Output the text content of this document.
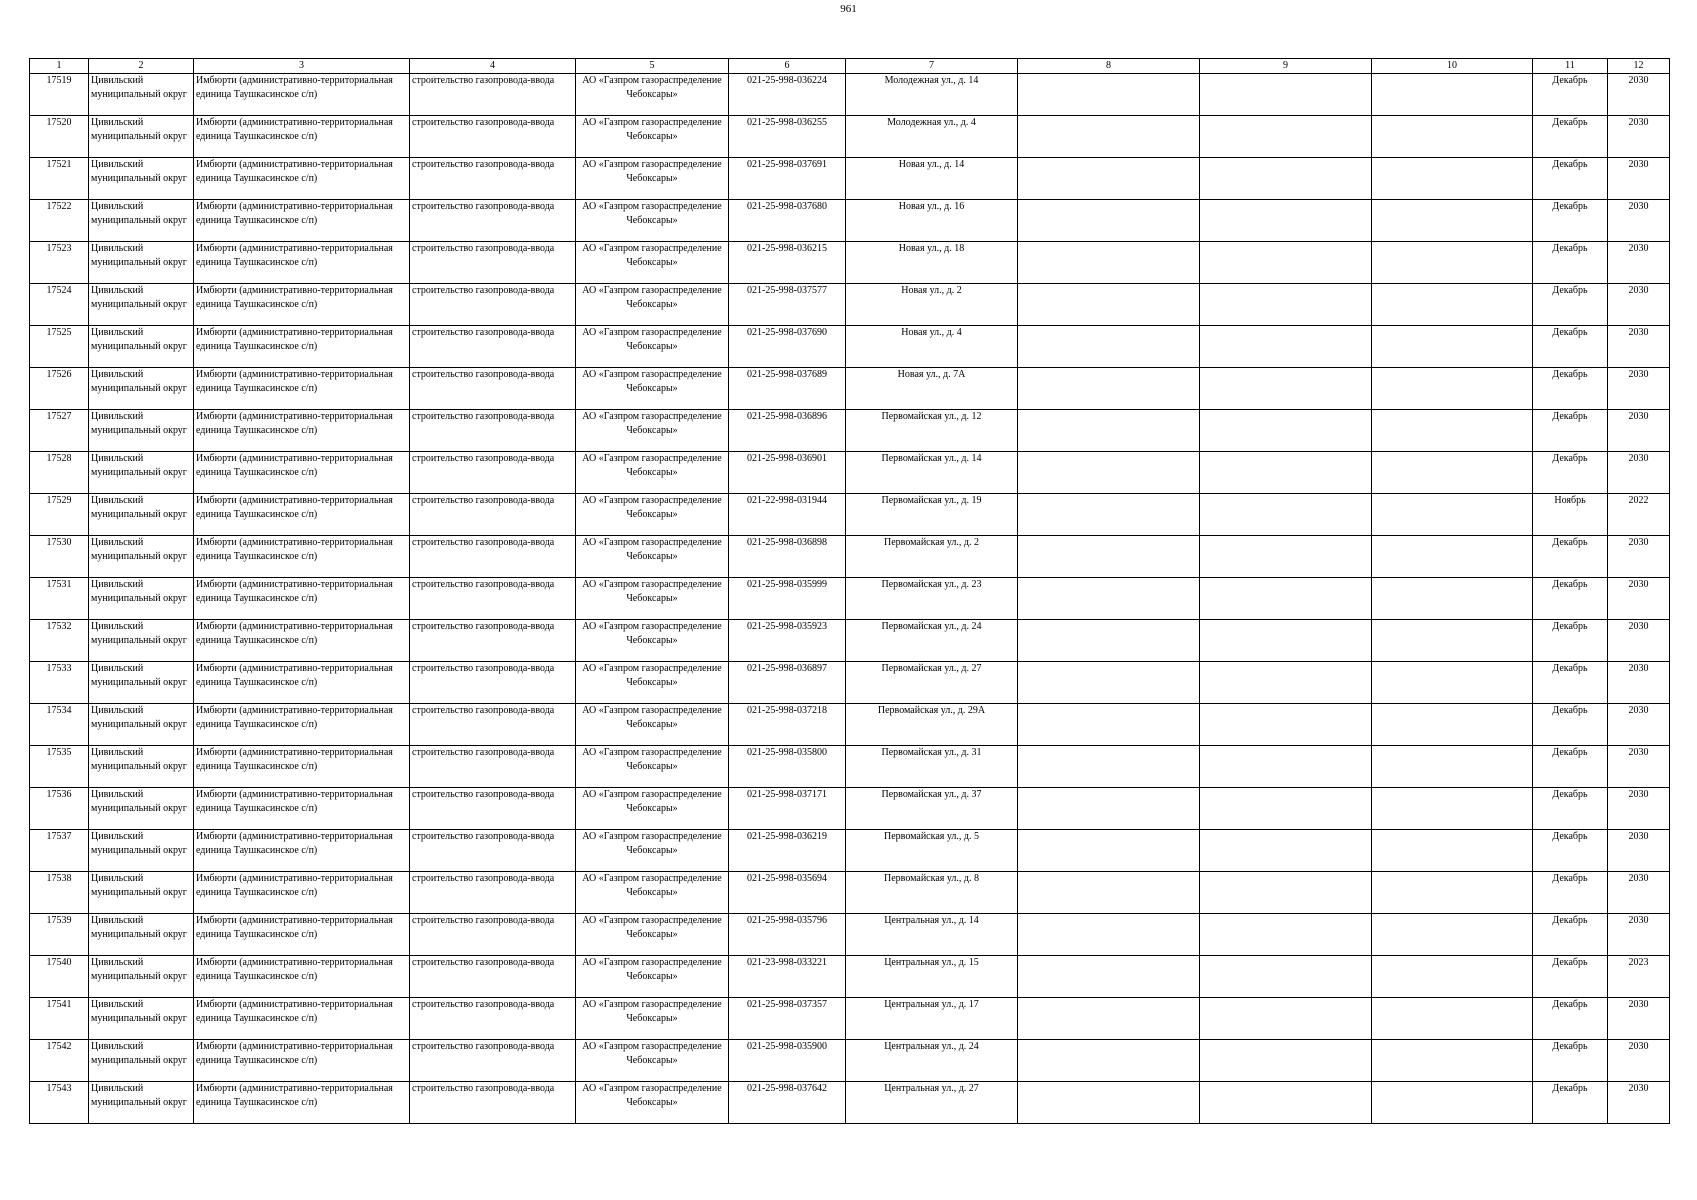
961
1	2	3	4	5	6	7	8	9	10	11	12

17519	Цивильский муниципальный округ	Имбюрти (административно-территориальная единица Таушкасинское с/п)	строительство газопровода-ввода	АО «Газпром газораспределение Чебоксары»	021-25-998-036224	Молодежная ул., д. 14				Декабрь	2030

17520	Цивильский муниципальный округ	Имбюрти (административно-территориальная единица Таушкасинское с/п)	строительство газопровода-ввода	АО «Газпром газораспределение Чебоксары»	021-25-998-036255	Молодежная ул., д. 4				Декабрь	2030

17521	Цивильский муниципальный округ	Имбюрти (административно-территориальная единица Таушкасинское с/п)	строительство газопровода-ввода	АО «Газпром газораспределение Чебоксары»	021-25-998-037691	Новая ул., д. 14				Декабрь	2030

17522	Цивильский муниципальный округ	Имбюрти (административно-территориальная единица Таушкасинское с/п)	строительство газопровода-ввода	АО «Газпром газораспределение Чебоксары»	021-25-998-037680	Новая ул., д. 16				Декабрь	2030

17523	Цивильский муниципальный округ	Имбюрти (административно-территориальная единица Таушкасинское с/п)	строительство газопровода-ввода	АО «Газпром газораспределение Чебоксары»	021-25-998-036215	Новая ул., д. 18				Декабрь	2030

17524	Цивильский муниципальный округ	Имбюрти (административно-территориальная единица Таушкасинское с/п)	строительство газопровода-ввода	АО «Газпром газораспределение Чебоксары»	021-25-998-037577	Новая ул., д. 2				Декабрь	2030

17525	Цивильский муниципальный округ	Имбюрти (административно-территориальная единица Таушкасинское с/п)	строительство газопровода-ввода	АО «Газпром газораспределение Чебоксары»	021-25-998-037690	Новая ул., д. 4				Декабрь	2030

17526	Цивильский муниципальный округ	Имбюрти (административно-территориальная единица Таушкасинское с/п)	строительство газопровода-ввода	АО «Газпром газораспределение Чебоксары»	021-25-998-037689	Новая ул., д. 7А				Декабрь	2030

17527	Цивильский муниципальный округ	Имбюрти (административно-территориальная единица Таушкасинское с/п)	строительство газопровода-ввода	АО «Газпром газораспределение Чебоксары»	021-25-998-036896	Первомайская ул., д. 12				Декабрь	2030

17528	Цивильский муниципальный округ	Имбюрти (административно-территориальная единица Таушкасинское с/п)	строительство газопровода-ввода	АО «Газпром газораспределение Чебоксары»	021-25-998-036901	Первомайская ул., д. 14				Декабрь	2030

17529	Цивильский муниципальный округ	Имбюрти (административно-территориальная единица Таушкасинское с/п)	строительство газопровода-ввода	АО «Газпром газораспределение Чебоксары»	021-22-998-031944	Первомайская ул., д. 19				Ноябрь	2022

17530	Цивильский муниципальный округ	Имбюрти (административно-территориальная единица Таушкасинское с/п)	строительство газопровода-ввода	АО «Газпром газораспределение Чебоксары»	021-25-998-036898	Первомайская ул., д. 2				Декабрь	2030

17531	Цивильский муниципальный округ	Имбюрти (административно-территориальная единица Таушкасинское с/п)	строительство газопровода-ввода	АО «Газпром газораспределение Чебоксары»	021-25-998-035999	Первомайская ул., д. 23				Декабрь	2030

17532	Цивильский муниципальный округ	Имбюрти (административно-территориальная единица Таушкасинское с/п)	строительство газопровода-ввода	АО «Газпром газораспределение Чебоксары»	021-25-998-035923	Первомайская ул., д. 24				Декабрь	2030

17533	Цивильский муниципальный округ	Имбюрти (административно-территориальная единица Таушкасинское с/п)	строительство газопровода-ввода	АО «Газпром газораспределение Чебоксары»	021-25-998-036897	Первомайская ул., д. 27				Декабрь	2030

17534	Цивильский муниципальный округ	Имбюрти (административно-территориальная единица Таушкасинское с/п)	строительство газопровода-ввода	АО «Газпром газораспределение Чебоксары»	021-25-998-037218	Первомайская ул., д. 29А				Декабрь	2030

17535	Цивильский муниципальный округ	Имбюрти (административно-территориальная единица Таушкасинское с/п)	строительство газопровода-ввода	АО «Газпром газораспределение Чебоксары»	021-25-998-035800	Первомайская ул., д. 31				Декабрь	2030

17536	Цивильский муниципальный округ	Имбюрти (административно-территориальная единица Таушкасинское с/п)	строительство газопровода-ввода	АО «Газпром газораспределение Чебоксары»	021-25-998-037171	Первомайская ул., д. 37				Декабрь	2030

17537	Цивильский муниципальный округ	Имбюрти (административно-территориальная единица Таушкасинское с/п)	строительство газопровода-ввода	АО «Газпром газораспределение Чебоксары»	021-25-998-036219	Первомайская ул., д. 5				Декабрь	2030

17538	Цивильский муниципальный округ	Имбюрти (административно-территориальная единица Таушкасинское с/п)	строительство газопровода-ввода	АО «Газпром газораспределение Чебоксары»	021-25-998-035694	Первомайская ул., д. 8				Декабрь	2030

17539	Цивильский муниципальный округ	Имбюрти (административно-территориальная единица Таушкасинское с/п)	строительство газопровода-ввода	АО «Газпром газораспределение Чебоксары»	021-25-998-035796	Центральная ул., д. 14				Декабрь	2030

17540	Цивильский муниципальный округ	Имбюрти (административно-территориальная единица Таушкасинское с/п)	строительство газопровода-ввода	АО «Газпром газораспределение Чебоксары»	021-23-998-033221	Центральная ул., д. 15				Декабрь	2023

17541	Цивильский муниципальный округ	Имбюрти (административно-территориальная единица Таушкасинское с/п)	строительство газопровода-ввода	АО «Газпром газораспределение Чебоксары»	021-25-998-037357	Центральная ул., д. 17				Декабрь	2030

17542	Цивильский муниципальный округ	Имбюрти (административно-территориальная единица Таушкасинское с/п)	строительство газопровода-ввода	АО «Газпром газораспределение Чебоксары»	021-25-998-035900	Центральная ул., д. 24				Декабрь	2030

17543	Цивильский муниципальный округ	Имбюрти (административно-территориальная единица Таушкасинское с/п)	строительство газопровода-ввода	АО «Газпром газораспределение Чебоксары»	021-25-998-037642	Центральная ул., д. 27				Декабрь	2030
